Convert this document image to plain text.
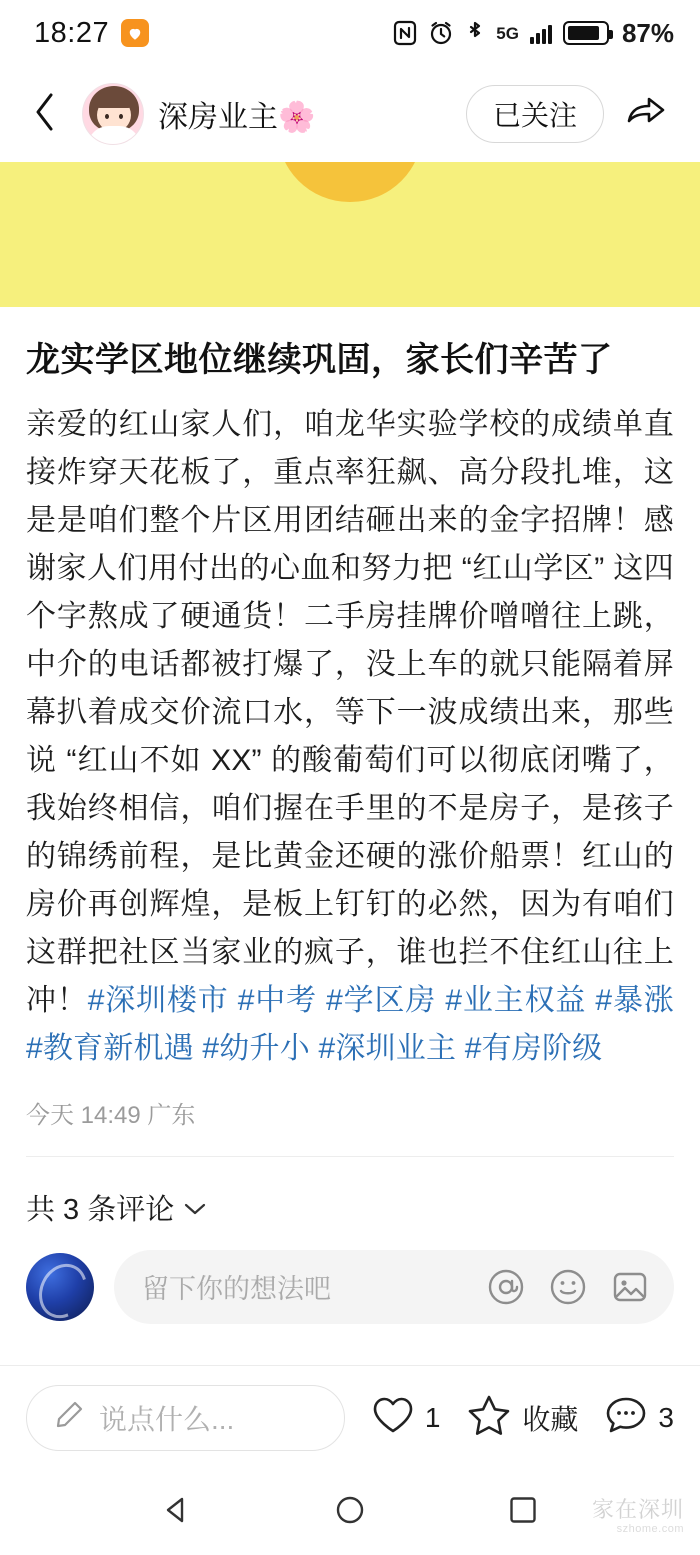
18:27	5G	87%
深房业主🌸	已关注
龙实学区地位继续巩固，家长们辛苦了
亲爱的红山家人们，咱龙华实验学校的成绩单直接炸穿天花板了，重点率狂飙、高分段扎堆，这是是咱们整个片区用团结砸出来的金字招牌！感谢家人们用付出的心血和努力把 “红山学区” 这四个字熬成了硬通货！二手房挂牌价噌噌往上跳，中介的电话都被打爆了，没上车的就只能隔着屏幕扒着成交价流口水，等下一波成绩出来，那些说 “红山不如 XX” 的酸葡萄们可以彻底闭嘴了，我始终相信，咱们握在手里的不是房子，是孩子的锦绣前程，是比黄金还硬的涨价船票！红山的房价再创辉煌，是板上钉钉的必然，因为有咱们这群把社区当家业的疯子，谁也拦不住红山往上冲！#深圳楼市 #中考 #学区房 #业主权益 #暴涨 #教育新机遇 #幼升小 #深圳业主 #有房阶级
今天 14:49 广东
共 3 条评论
留下你的想法吧
说点什么...	1	收藏	3
家在深圳
szhome.com
